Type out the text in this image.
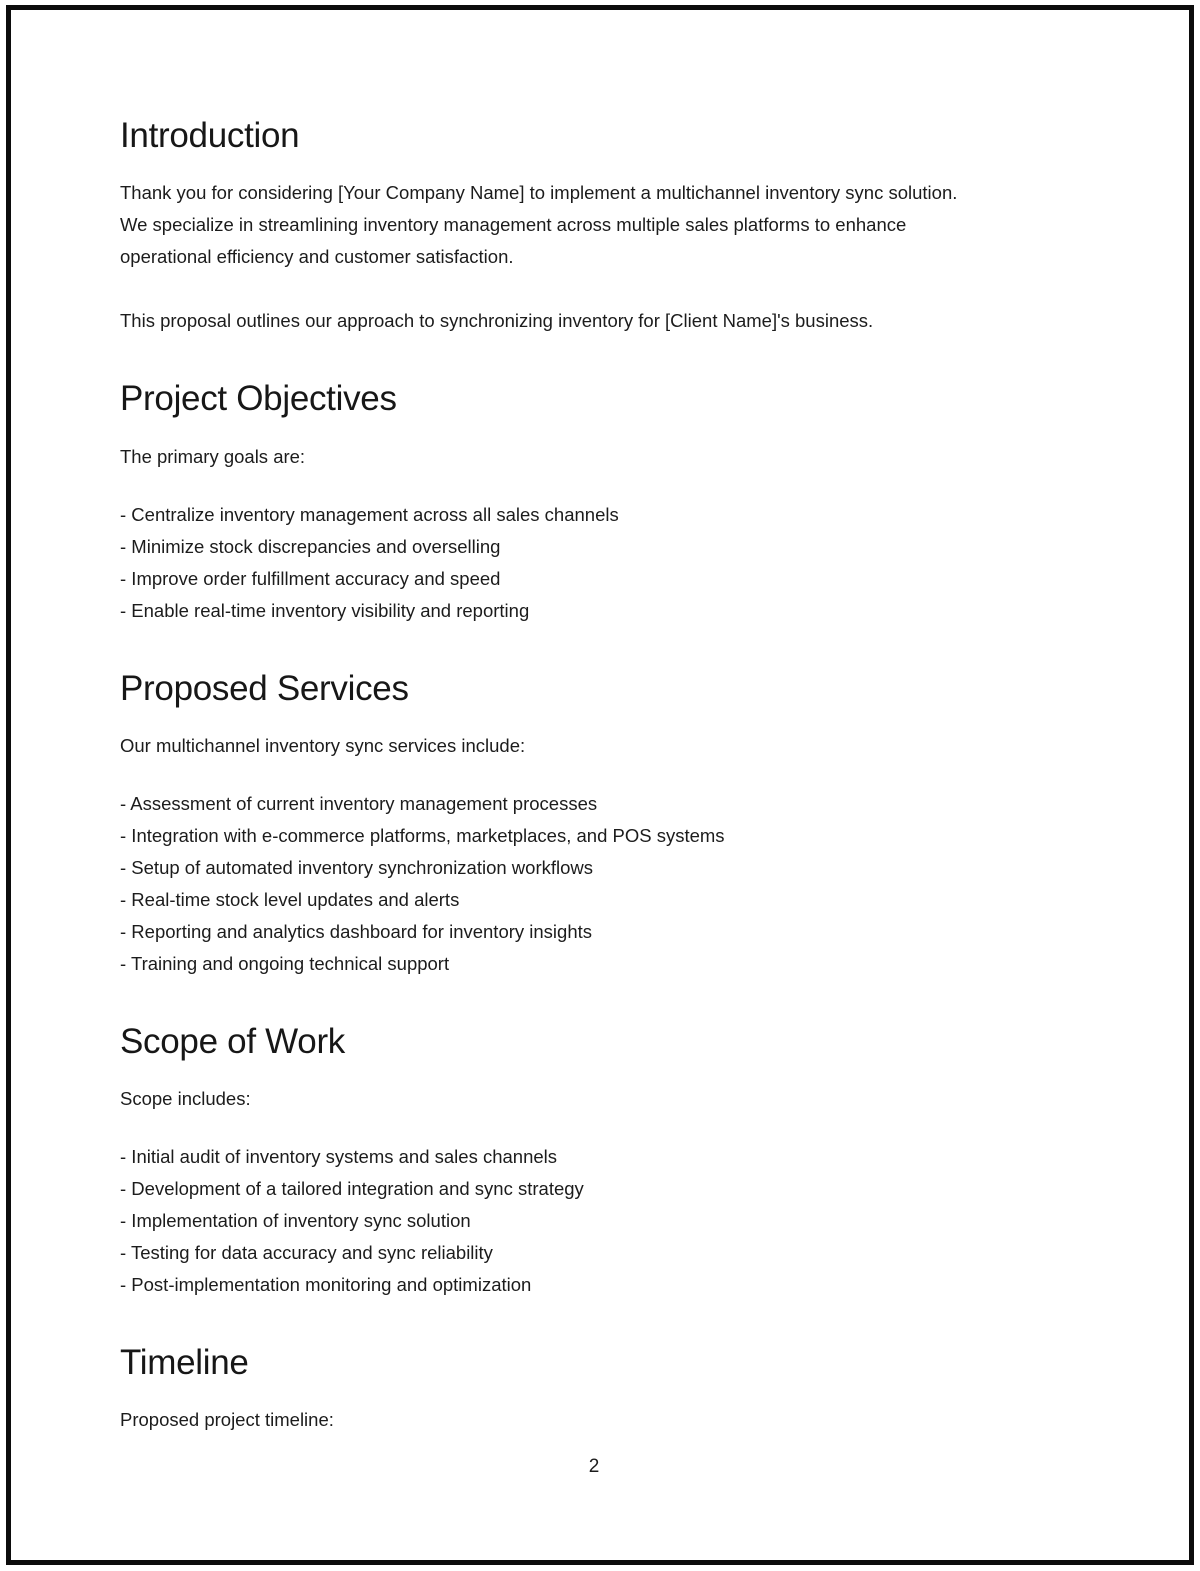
Introduction

Thank you for considering [Your Company Name] to implement a multichannel inventory sync solution.
We specialize in streamlining inventory management across multiple sales platforms to enhance
operational efficiency and customer satisfaction.

This proposal outlines our approach to synchronizing inventory for [Client Name]'s business.

Project Objectives

The primary goals are:

- Centralize inventory management across all sales channels
- Minimize stock discrepancies and overselling
- Improve order fulfillment accuracy and speed
- Enable real-time inventory visibility and reporting
Proposed Services

Our multichannel inventory sync services include:

- Assessment of current inventory management processes
- Integration with e-commerce platforms, marketplaces, and POS systems
- Setup of automated inventory synchronization workflows
- Real-time stock level updates and alerts
- Reporting and analytics dashboard for inventory insights
- Training and ongoing technical support
Scope of Work

Scope includes:

- Initial audit of inventory systems and sales channels
- Development of a tailored integration and sync strategy
- Implementation of inventory sync solution
- Testing for data accuracy and sync reliability
- Post-implementation monitoring and optimization
Timeline

Proposed project timeline:

2
